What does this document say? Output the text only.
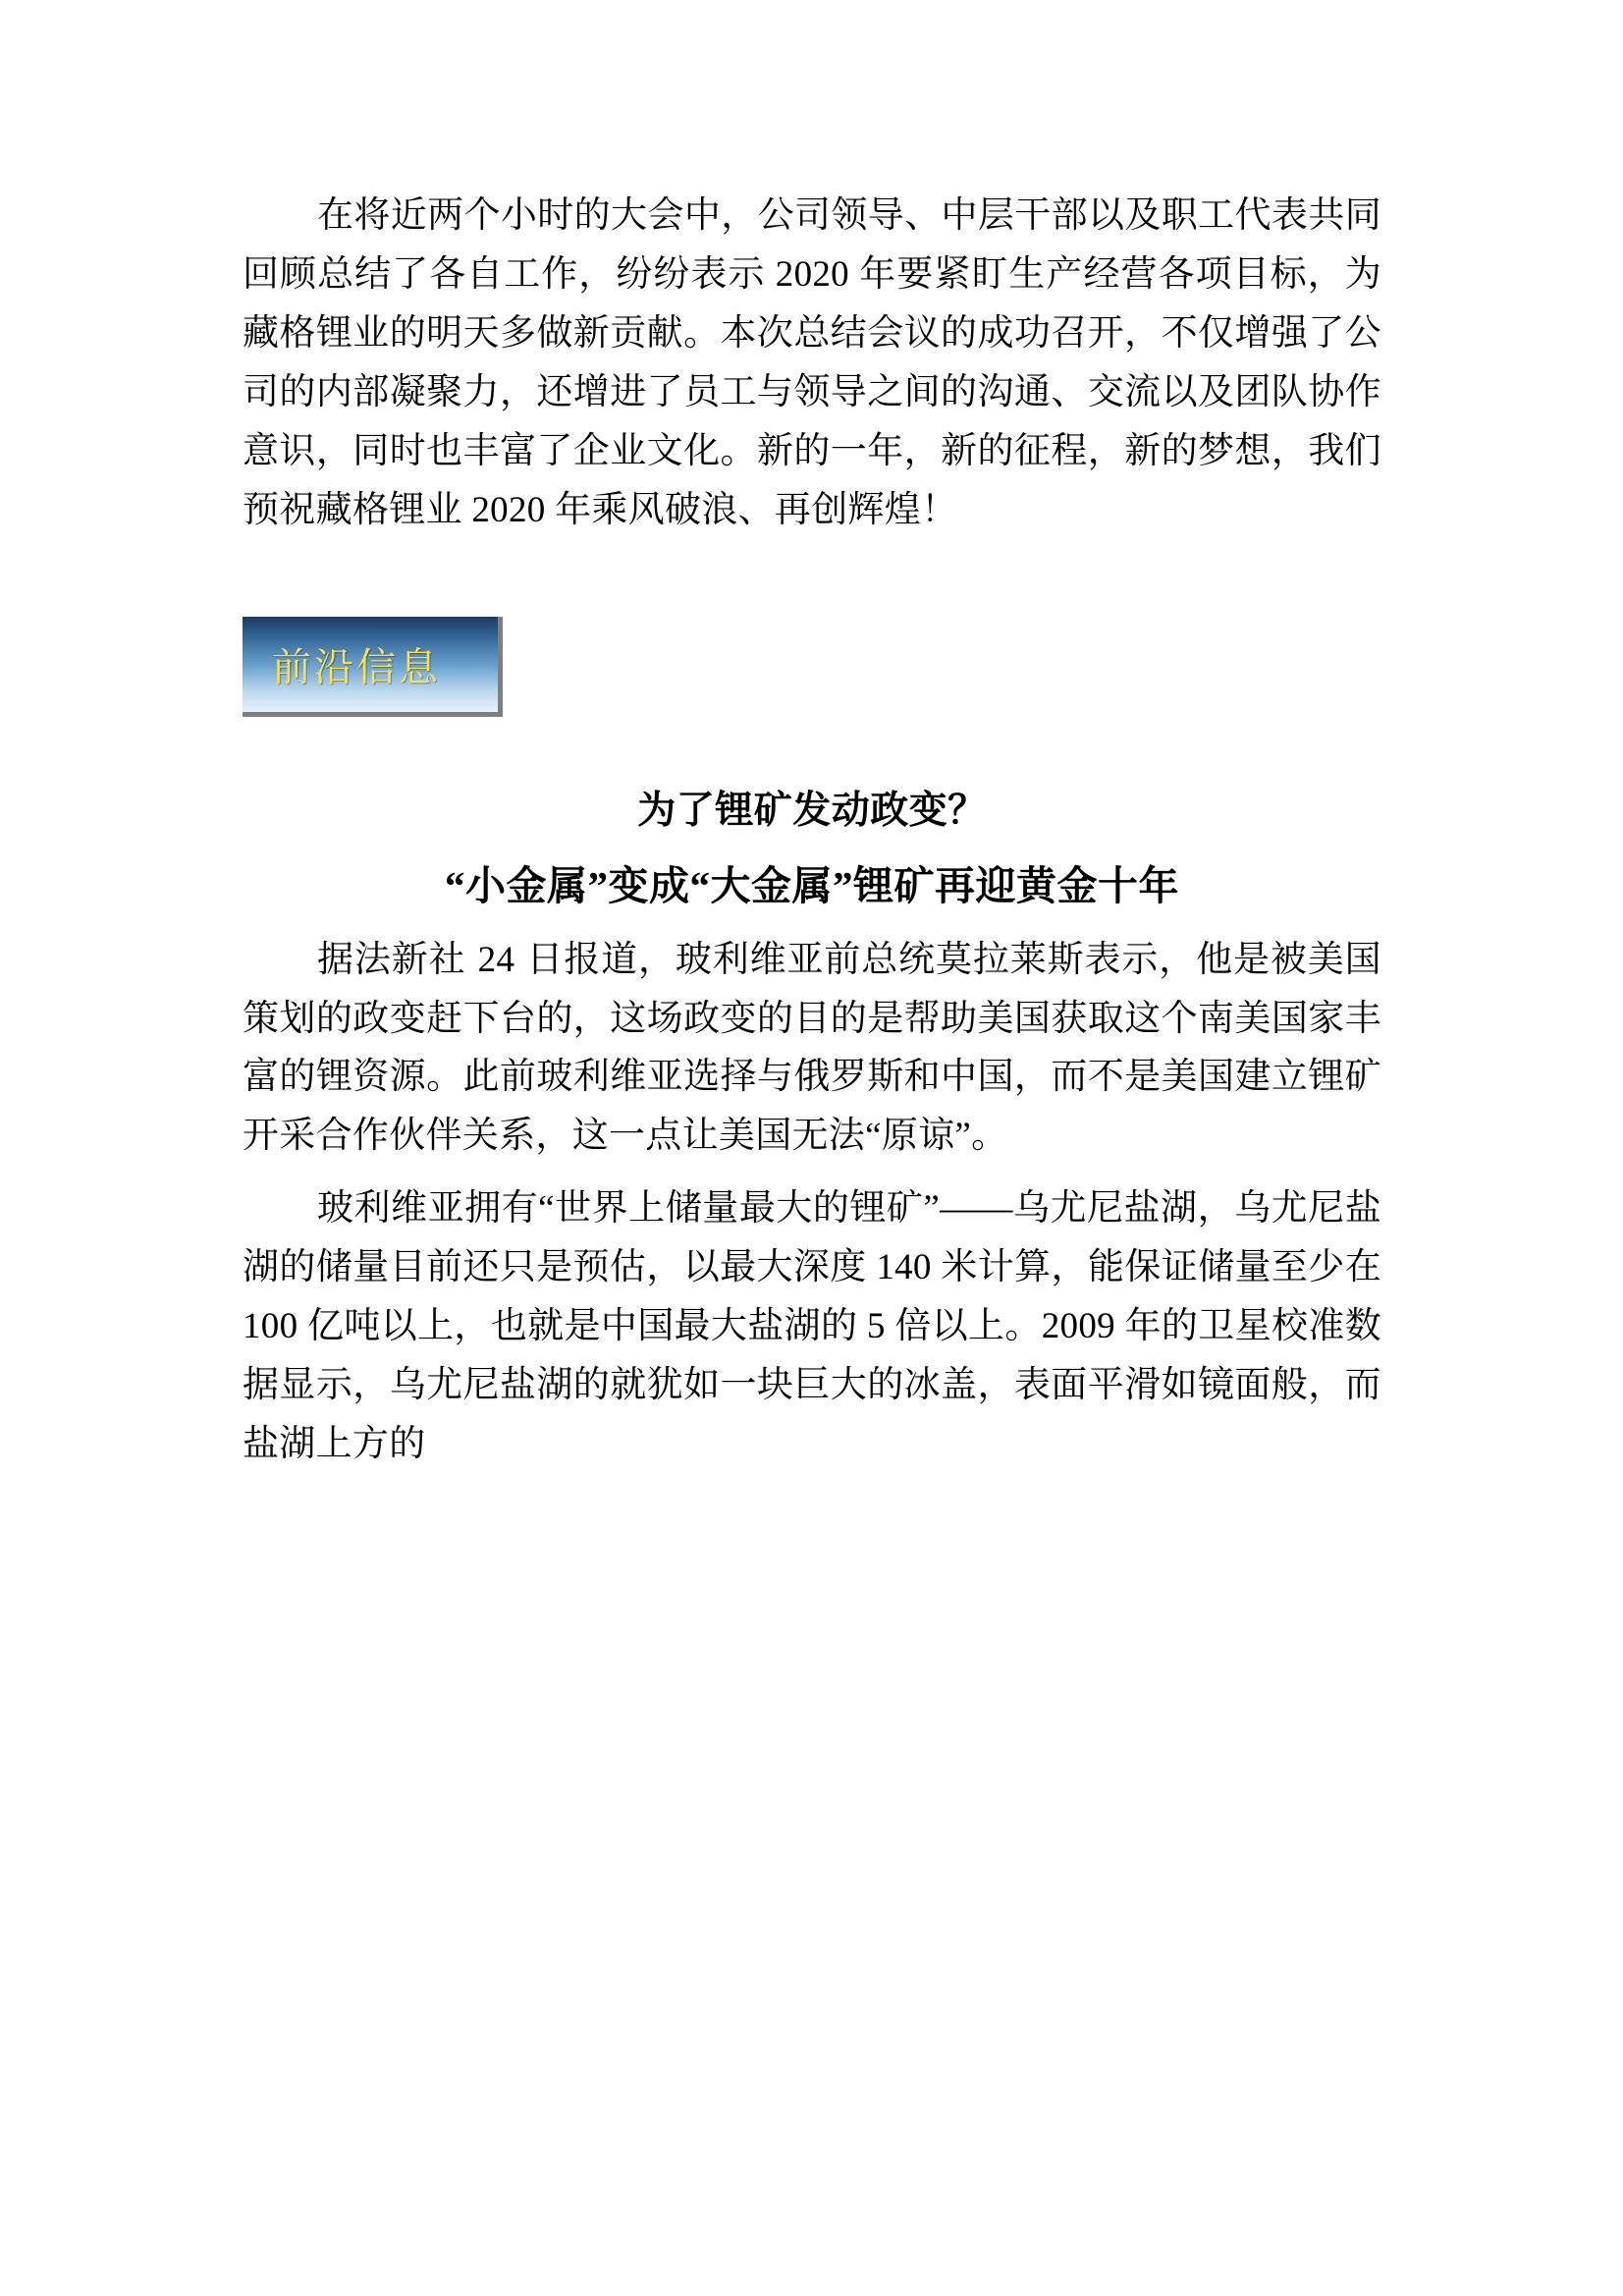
在将近两个小时的大会中，公司领导、中层干部以及职工代表共同回顾总结了各自工作，纷纷表示 2020 年要紧盯生产经营各项目标，为藏格锂业的明天多做新贡献。本次总结会议的成功召开，不仅增强了公司的内部凝聚力，还增进了员工与领导之间的沟通、交流以及团队协作意识，同时也丰富了企业文化。新的一年，新的征程，新的梦想，我们预祝藏格锂业 2020 年乘风破浪、再创辉煌！

前沿信息
为了锂矿发动政变？
“小金属”变成“大金属”锂矿再迎黄金十年

据法新社 24 日报道，玻利维亚前总统莫拉莱斯表示，他是被美国策划的政变赶下台的，这场政变的目的是帮助美国获取这个南美国家丰富的锂资源。此前玻利维亚选择与俄罗斯和中国，而不是美国建立锂矿开采合作伙伴关系，这一点让美国无法“原谅”。

玻利维亚拥有“世界上储量最大的锂矿”——乌尤尼盐湖，乌尤尼盐湖的储量目前还只是预估，以最大深度 140 米计算，能保证储量至少在 100 亿吨以上，也就是中国最大盐湖的 5 倍以上。2009 年的卫星校准数据显示，乌尤尼盐湖的就犹如一块巨大的冰盖，表面平滑如镜面般，而盐湖上方的
